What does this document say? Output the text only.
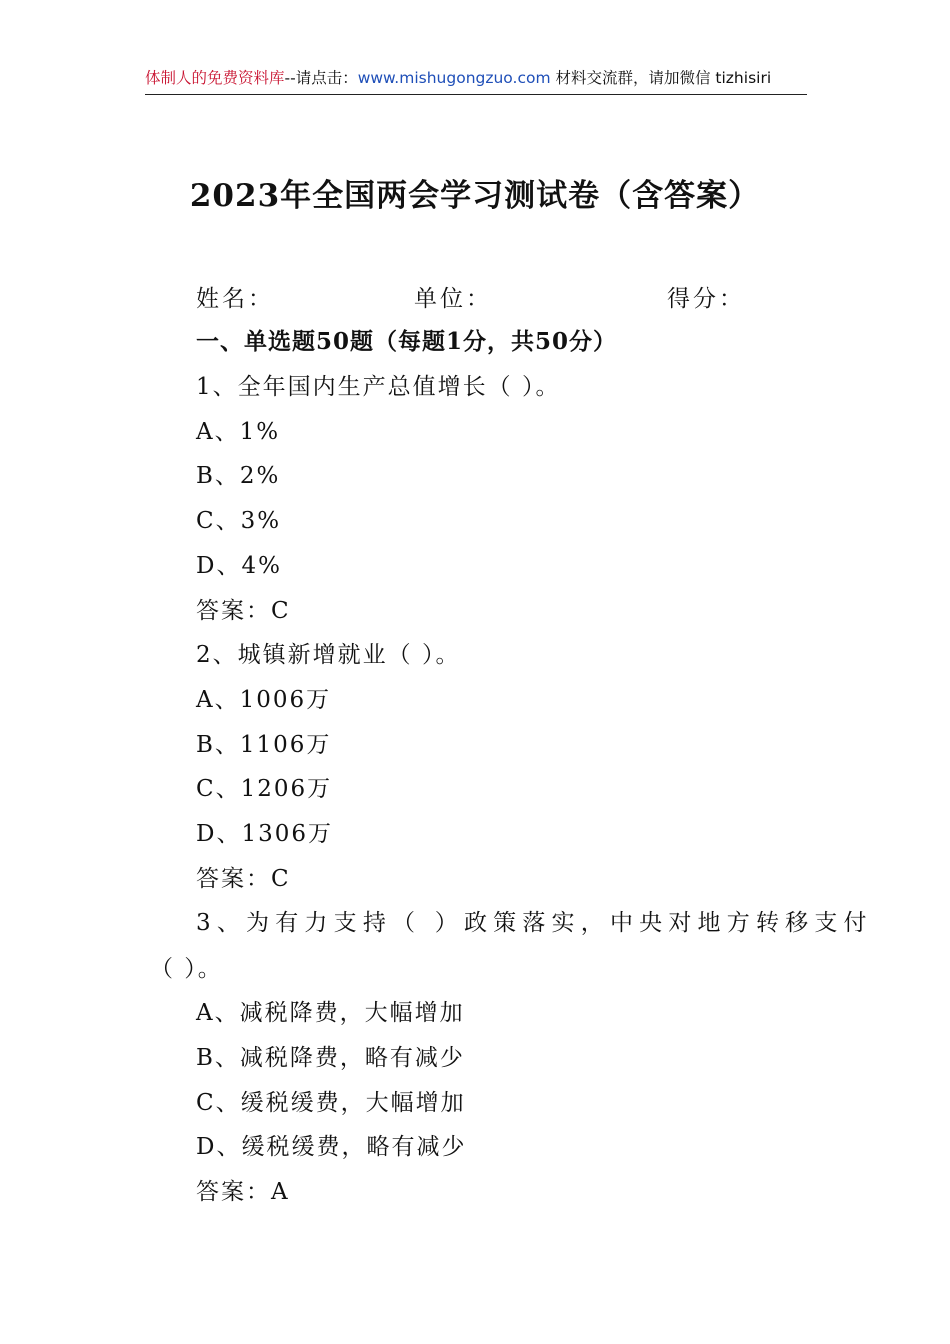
体制人的免费资料库--请点击：www.mishugongzuo.com 材料交流群，请加微信 tizhisiri
2023年全国两会学习测试卷（含答案）
姓名：	单位：	得分：
一、单选题50题（每题1分，共50分）
1、全年国内生产总值增长（ ）。
A、1%
B、2%
C、3%
D、4%
答案：C
2、城镇新增就业（ ）。
A、1006万
B、1106万
C、1206万
D、1306万
答案：C
3、为有力支持（ ）政策落实，中央对地方转移支付
（ ）。
A、减税降费，大幅增加
B、减税降费，略有减少
C、缓税缓费，大幅增加
D、缓税缓费，略有减少
答案：A
